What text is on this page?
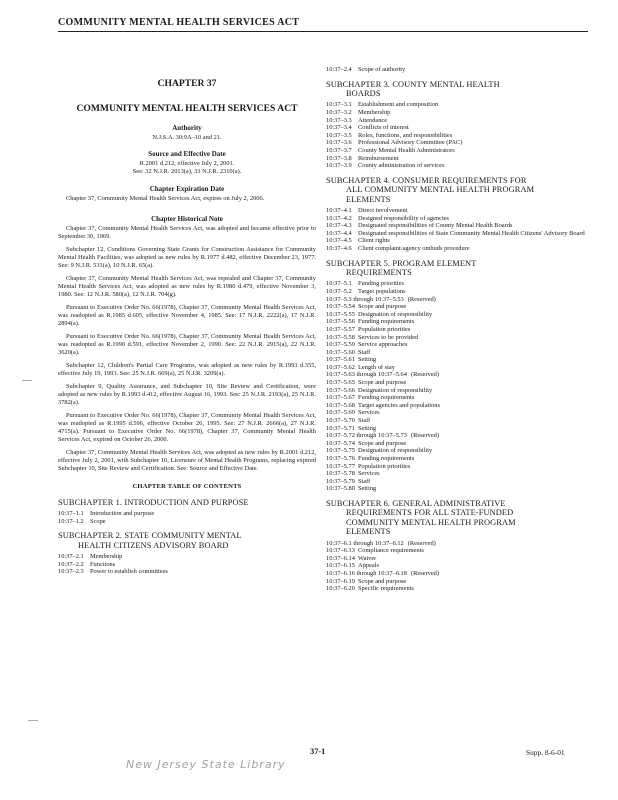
COMMUNITY MENTAL HEALTH SERVICES ACT
CHAPTER 37
COMMUNITY MENTAL HEALTH SERVICES ACT
Authority
N.J.S.A. 30:9A–10 and 21.
Source and Effective Date
R.2001 d.212, effective July 2, 2001.
See: 32 N.J.R. 2013(a), 33 N.J.R. 2310(a).
Chapter Expiration Date

Chapter 37, Community Mental Health Services Act, expires on July 2, 2006.

Chapter Historical Note

Chapter 37, Community Mental Health Services Act, was adopted and became effective prior to September 30, 1969.

Subchapter 12, Conditions Governing State Grants for Construction Assistance for Community Mental Health Facilities, was adopted as new rules by R.1977 d.482, effective December 23, 1977. See: 9 N.J.R. 531(a), 10 N.J.R. 65(a).

Chapter 37, Community Mental Health Services Act, was repealed and Chapter 37, Community Mental Health Services Act, was adopted as new rules by R.1980 d.479, effective November 3, 1980. See: 12 N.J.R. 580(a), 12 N.J.R. 704(g).

Pursuant to Executive Order No. 66(1978), Chapter 37, Community Mental Health Services Act, was readopted as R.1985 d.605, effective November 4, 1985. See: 17 N.J.R. 2222(a), 17 N.J.R. 2894(a).

Pursuant to Executive Order No. 66(1978), Chapter 37, Community Mental Health Services Act, was readopted as R.1990 d.591, effective November 2, 1990. See: 22 N.J.R. 2915(a), 22 N.J.R. 3620(a).

Subchapter 12, Children's Partial Care Programs, was adopted as new rules by R.1993 d.355, effective July 19, 1993. See: 25 N.J.R. 669(a), 25 N.J.R. 3209(a).

Subchapter 9, Quality Assurance, and Subchapter 10, Site Review and Certification, were adopted as new rules by R.1993 d.412, effective August 16, 1993. See: 25 N.J.R. 2193(a), 25 N.J.R. 3782(a).

Pursuant to Executive Order No. 66(1978), Chapter 37, Community Mental Health Services Act, was readopted as R.1995 d.596, effective October 26, 1995. See: 27 N.J.R. 2666(a), 27 N.J.R. 4715(a). Pursuant to Executive Order No. 66(1978), Chapter 37, Community Mental Health Services Act, expired on October 26, 2000.

Chapter 37, Community Mental Health Services Act, was adopted as new rules by R.2001 d.212, effective July 2, 2001, with Subchapter 10, Licensure of Mental Health Programs, replacing expired Subchapter 10, Site Review and Certification. See: Source and Effective Date.

CHAPTER TABLE OF CONTENTS
SUBCHAPTER 1. INTRODUCTION AND PURPOSE
10:37–1.1 Introduction and purpose
10:37–1.2 Scope
SUBCHAPTER 2. STATE COMMUNITY MENTAL
HEALTH CITIZENS ADVISORY BOARD
10:37–2.1 Membership
10:37–2.2 Functions
10:37–2.3 Power to establish committees
10:37–2.4 Scope of authority
SUBCHAPTER 3. COUNTY MENTAL HEALTH
BOARDS
10:37–3.1 Establishment and composition
10:37–3.2 Membership
10:37–3.3 Attendance
10:37–3.4 Conflicts of interest
10:37–3.5 Roles, functions, and responsibilities
10:37–3.6 Professional Advisory Committee (PAC)
10:37–3.7 County Mental Health Administrators
10:37–3.8 Reimbursement
10:37–3.9 County administration of services
SUBCHAPTER 4. CONSUMER REQUIREMENTS FOR
ALL COMMUNITY MENTAL HEALTH PROGRAM
ELEMENTS
10:37–4.1 Direct involvement
10:37–4.2 Designed responsibility of agencies
10:37–4.3 Designated responsibilities of County Mental Health Boards
10:37–4.4 Designated responsibilities of State Community Mental Health Citizens' Advisory Board
10:37–4.5 Client rights
10:37–4.6 Client complaint/agency ombuds procedure
SUBCHAPTER 5. PROGRAM ELEMENT
REQUIREMENTS
10:37–5.1 Funding priorities
10:37–5.2 Target populations
10:37–5.3 through 10:37–5.53 (Reserved)
10:37–5.54 Scope and purpose
10:37–5.55 Designation of responsibility
10:37–5.56 Funding requirements
10:37–5.57 Population priorities
10:37–5.58 Services to be provided
10:37–5.59 Service approaches
10:37–5.60 Staff
10:37–5.61 Setting
10:37–5.62 Length of stay
10:37–5.63 through 10:37–5.64 (Reserved)
10:37–5.65 Scope and purpose
10:37–5.66 Designation of responsibility
10:37–5.67 Funding requirements
10:37–5.68 Target agencies and populations
10:37–5.69 Services
10:37–5.70 Staff
10:37–5.71 Setting
10:37–5.72 through 10:37–5.73 (Reserved)
10:37–5.74 Scope and purpose
10:37–5.75 Designation of responsibility
10:37–5.76 Funding requirements
10:37–5.77 Population priorities
10:37–5.78 Services
10:37–5.79 Staff
10:37–5.80 Setting
SUBCHAPTER 6. GENERAL ADMINISTRATIVE
REQUIREMENTS FOR ALL STATE-FUNDED
COMMUNITY MENTAL HEALTH PROGRAM
ELEMENTS
10:37–6.1 through 10:37–6.12 (Reserved)
10:37–6.13 Compliance requirements
10:37–6.14 Waiver
10:37–6.15 Appeals
10:37–6.16 through 10:37–6.18 (Reserved)
10:37–6.19 Scope and purpose
10:37–6.20 Specific requirements
37-1	Supp. 8-6-01
New Jersey State Library
